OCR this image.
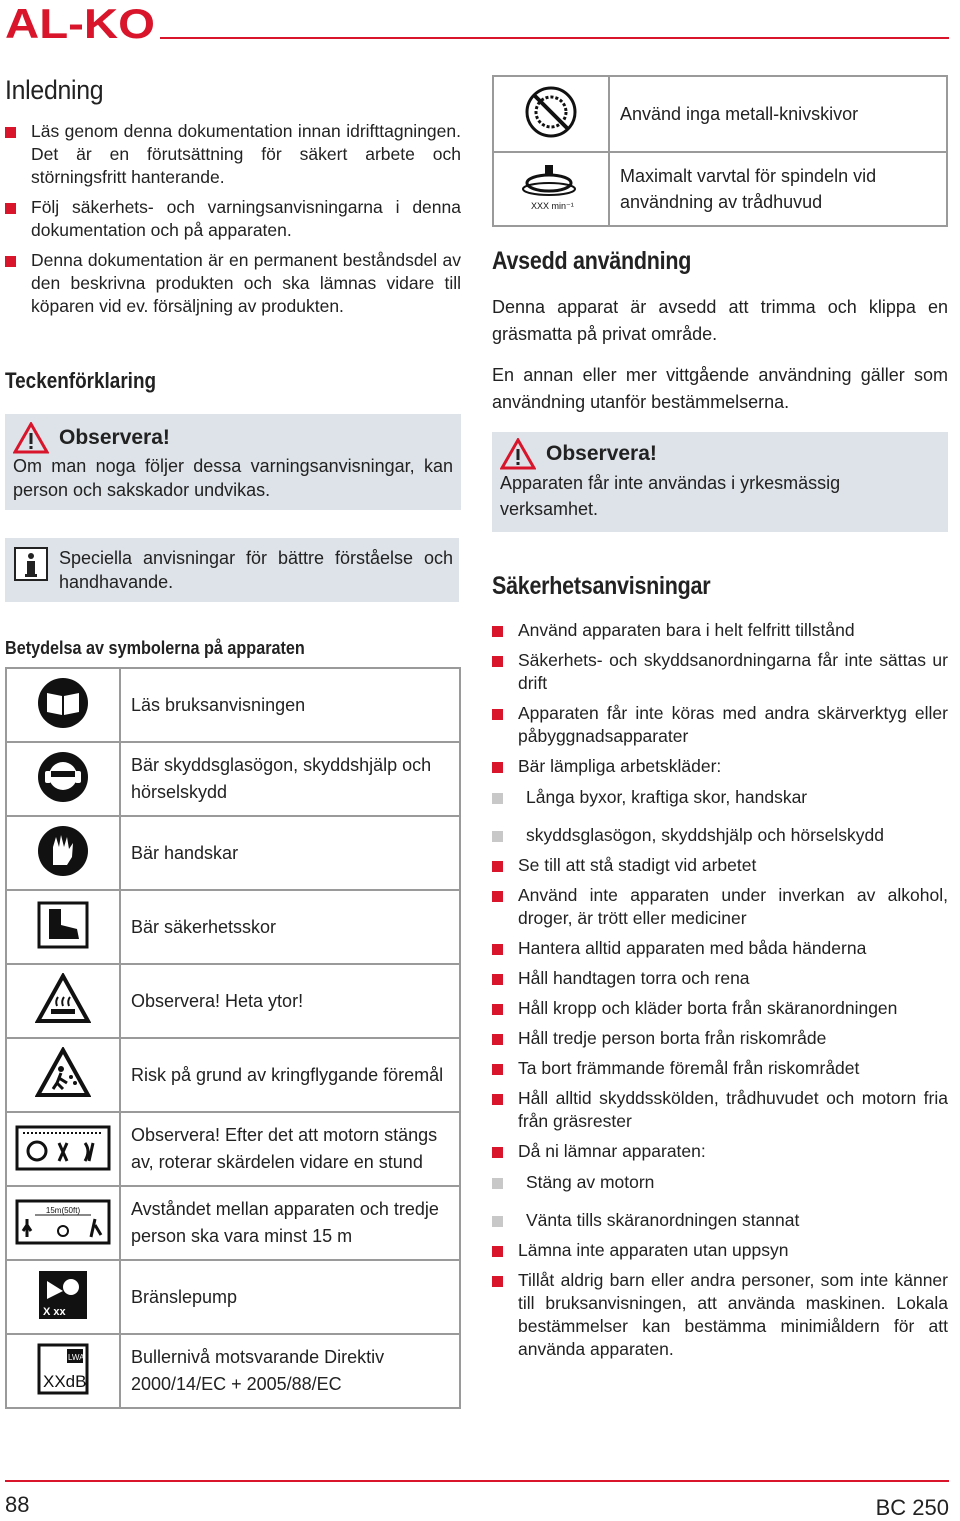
AL-KO
Inledning
Läs genom denna dokumentation innan idrifttagningen. Det är en förutsättning för säkert arbete och störningsfritt hanterande.
Följ säkerhets- och varningsanvisningarna i denna dokumentation och på apparaten.
Denna dokumentation är en permanent beståndsdel av den beskrivna produkten och ska lämnas vidare till köparen vid ev. försäljning av produkten.
Teckenförklaring
Observera!
Om man noga följer dessa varningsanvisningar, kan person och sakskador undvikas.
Speciella anvisningar för bättre förståelse och handhavande.
Betydelsa av symbolerna på apparaten
	Läs bruksanvisningen
	Bär skyddsglasögon, skyddshjälp och hörselskydd
	Bär handskar
	Bär säkerhetsskor
	Observera! Heta ytor!
	Risk på grund av kringflygande föremål
	Observera! Efter det att motorn stängs av, roterar skärdelen vidare en stund

15m(50ft)	Avståndet mellan apparaten och tredje person ska vara minst 15 m

X xx	Bränslepump

LWA
XXdB	Bullernivå motsvarande Direktiv 2000/14/EC + 2005/88/EC
	Använd inga metall-knivskivor

XXX min⁻¹	Maximalt varvtal för spindeln vid användning av trådhuvud
Avsedd användning
Denna apparat är avsedd att trimma och klippa en gräsmatta på privat område.
En annan eller mer vittgående användning gäller som användning utanför bestämmelserna.
Observera!
Apparaten får inte användas i yrkesmässig verksamhet.
Säkerhetsanvisningar
Använd apparaten bara i helt felfritt tillstånd
Säkerhets- och skyddsanordningarna får inte sättas ur drift
Apparaten får inte köras med andra skärverktyg eller påbyggnadsapparater
Bär lämpliga arbetskläder:
Långa byxor, kraftiga skor, handskar
skyddsglasögon, skyddshjälp och hörselskydd
Se till att stå stadigt vid arbetet
Använd inte apparaten under inverkan av alkohol, droger, är trött eller mediciner
Hantera alltid apparaten med båda händerna
Håll handtagen torra och rena
Håll kropp och kläder borta från skäranordningen
Håll tredje person borta från riskområde
Ta bort främmande föremål från riskområdet
Håll alltid skyddsskölden, trådhuvudet och motorn fria från gräsrester
Då ni lämnar apparaten:
Stäng av motorn
Vänta tills skäranordningen stannat
Lämna inte apparaten utan uppsyn
Tillåt aldrig barn eller andra personer, som inte känner till bruksanvisningen, att använda maskinen. Lokala bestämmelser kan bestämma minimiåldern för att använda apparaten.
88	BC 250
